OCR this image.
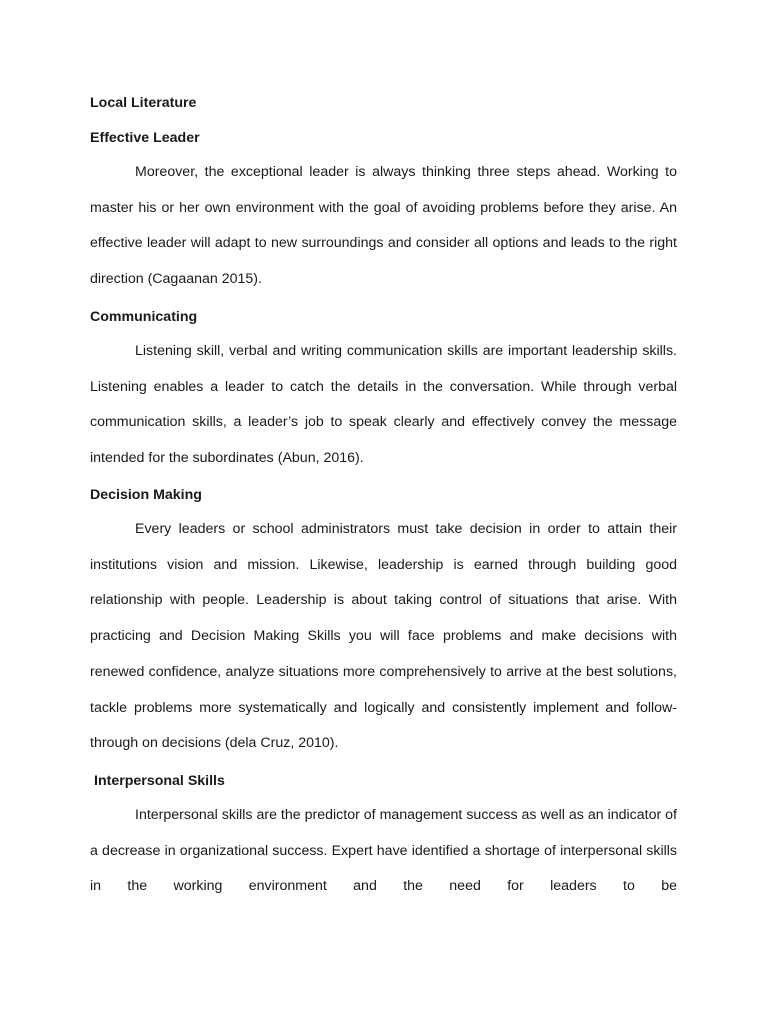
Local Literature

Effective Leader

Moreover, the exceptional leader is always thinking three steps ahead. Working to master his or her own environment with the goal of avoiding problems before they arise. An effective leader will adapt to new surroundings and consider all options and leads to the right direction (Cagaanan 2015).

Communicating

Listening skill, verbal and writing communication skills are important leadership skills. Listening enables a leader to catch the details in the conversation. While through verbal communication skills, a leader’s job to speak clearly and effectively convey the message intended for the subordinates (Abun, 2016).

Decision Making

Every leaders or school administrators must take decision in order to attain their institutions vision and mission. Likewise, leadership is earned through building good relationship with people. Leadership is about taking control of situations that arise. With practicing and Decision Making Skills you will face problems and make decisions with renewed confidence, analyze situations more comprehensively to arrive at the best solutions, tackle problems more systematically and logically and consistently implement and follow-through on decisions (dela Cruz, 2010).

Interpersonal Skills

Interpersonal skills are the predictor of management success as well as an indicator of a decrease in organizational success. Expert have identified a shortage of interpersonal skills in the working environment and the need for leaders to be
